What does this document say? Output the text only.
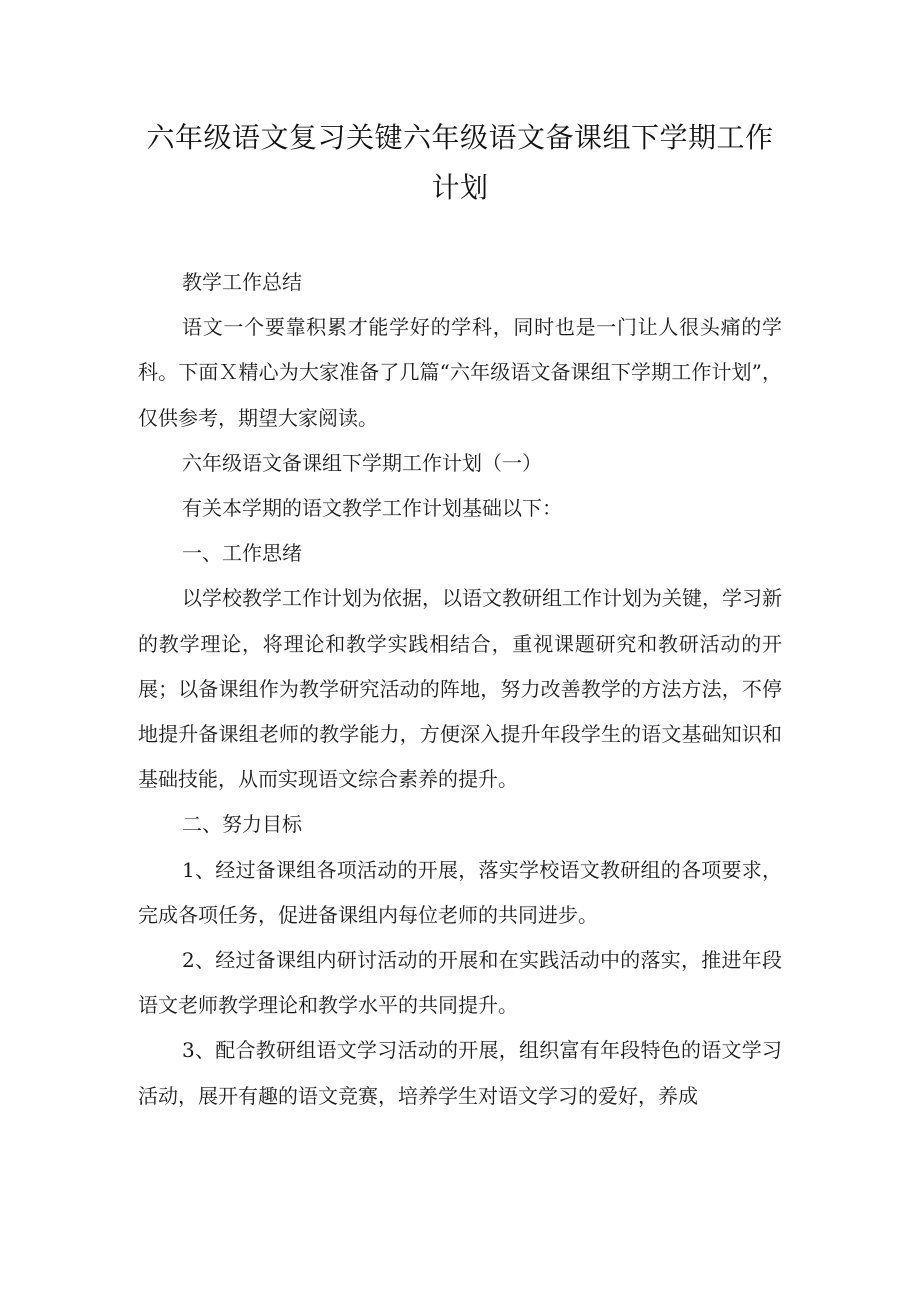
六年级语文复习关键六年级语文备课组下学期工作计划

教学工作总结

语文一个要靠积累才能学好的学科，同时也是一门让人很头痛的学科。下面Ｘ精心为大家准备了几篇“六年级语文备课组下学期工作计划”，仅供参考，期望大家阅读。

六年级语文备课组下学期工作计划（一）

有关本学期的语文教学工作计划基础以下：

一、工作思绪

以学校教学工作计划为依据，以语文教研组工作计划为关键，学习新的教学理论，将理论和教学实践相结合，重视课题研究和教研活动的开展；以备课组作为教学研究活动的阵地，努力改善教学的方法方法，不停地提升备课组老师的教学能力，方便深入提升年段学生的语文基础知识和基础技能，从而实现语文综合素养的提升。

二、努力目标

1、经过备课组各项活动的开展，落实学校语文教研组的各项要求，完成各项任务，促进备课组内每位老师的共同进步。

2、经过备课组内研讨活动的开展和在实践活动中的落实，推进年段语文老师教学理论和教学水平的共同提升。

3、配合教研组语文学习活动的开展，组织富有年段特色的语文学习活动，展开有趣的语文竞赛，培养学生对语文学习的爱好，养成
